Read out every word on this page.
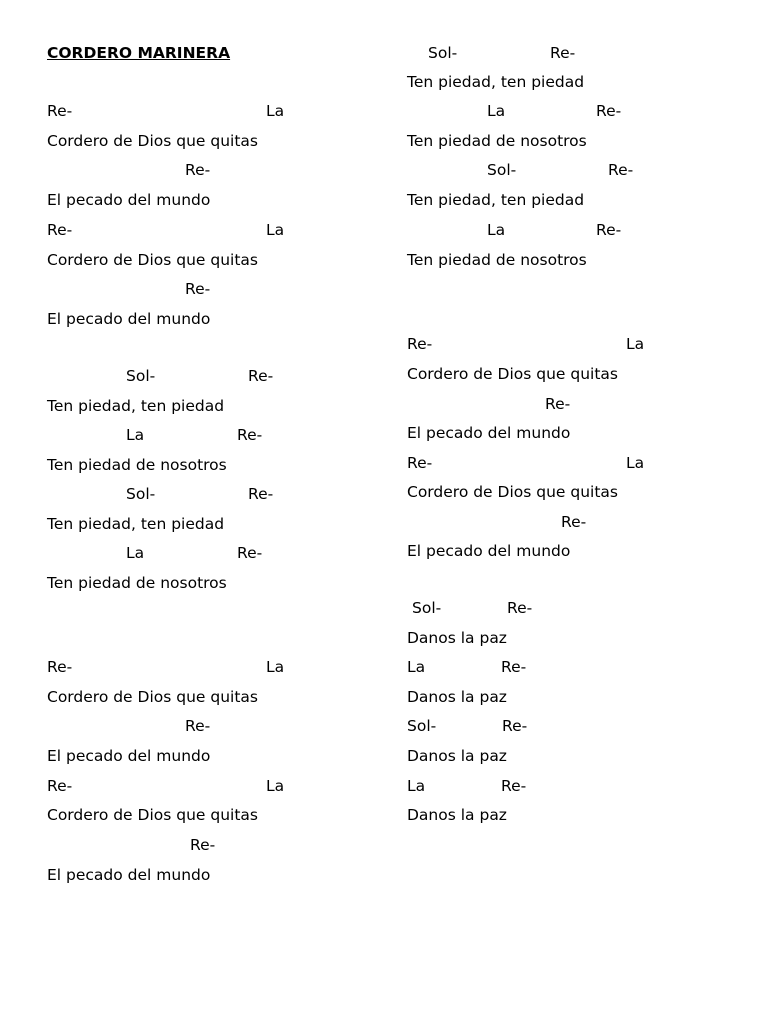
CORDERO MARINERA
Re-	La
Cordero de Dios que quitas
Re-
El pecado del mundo
Re-	La
Cordero de Dios que quitas
Re-
El pecado del mundo
Sol-	Re-
Ten piedad, ten piedad
La	Re-
Ten piedad de nosotros
Sol-	Re-
Ten piedad, ten piedad
La	Re-
Ten piedad de nosotros
Re-	La
Cordero de Dios que quitas
Re-
El pecado del mundo
Re-	La
Cordero de Dios que quitas
Re-
El pecado del mundo
Sol-	Re-
Ten piedad, ten piedad
La	Re-
Ten piedad de nosotros
Sol-	Re-
Ten piedad, ten piedad
La	Re-
Ten piedad de nosotros
Re-	La
Cordero de Dios que quitas
Re-
El pecado del mundo
Re-	La
Cordero de Dios que quitas
Re-
El pecado del mundo
Sol-	Re-
Danos la paz
La	Re-
Danos la paz
Sol-	Re-
Danos la paz
La	Re-
Danos la paz
